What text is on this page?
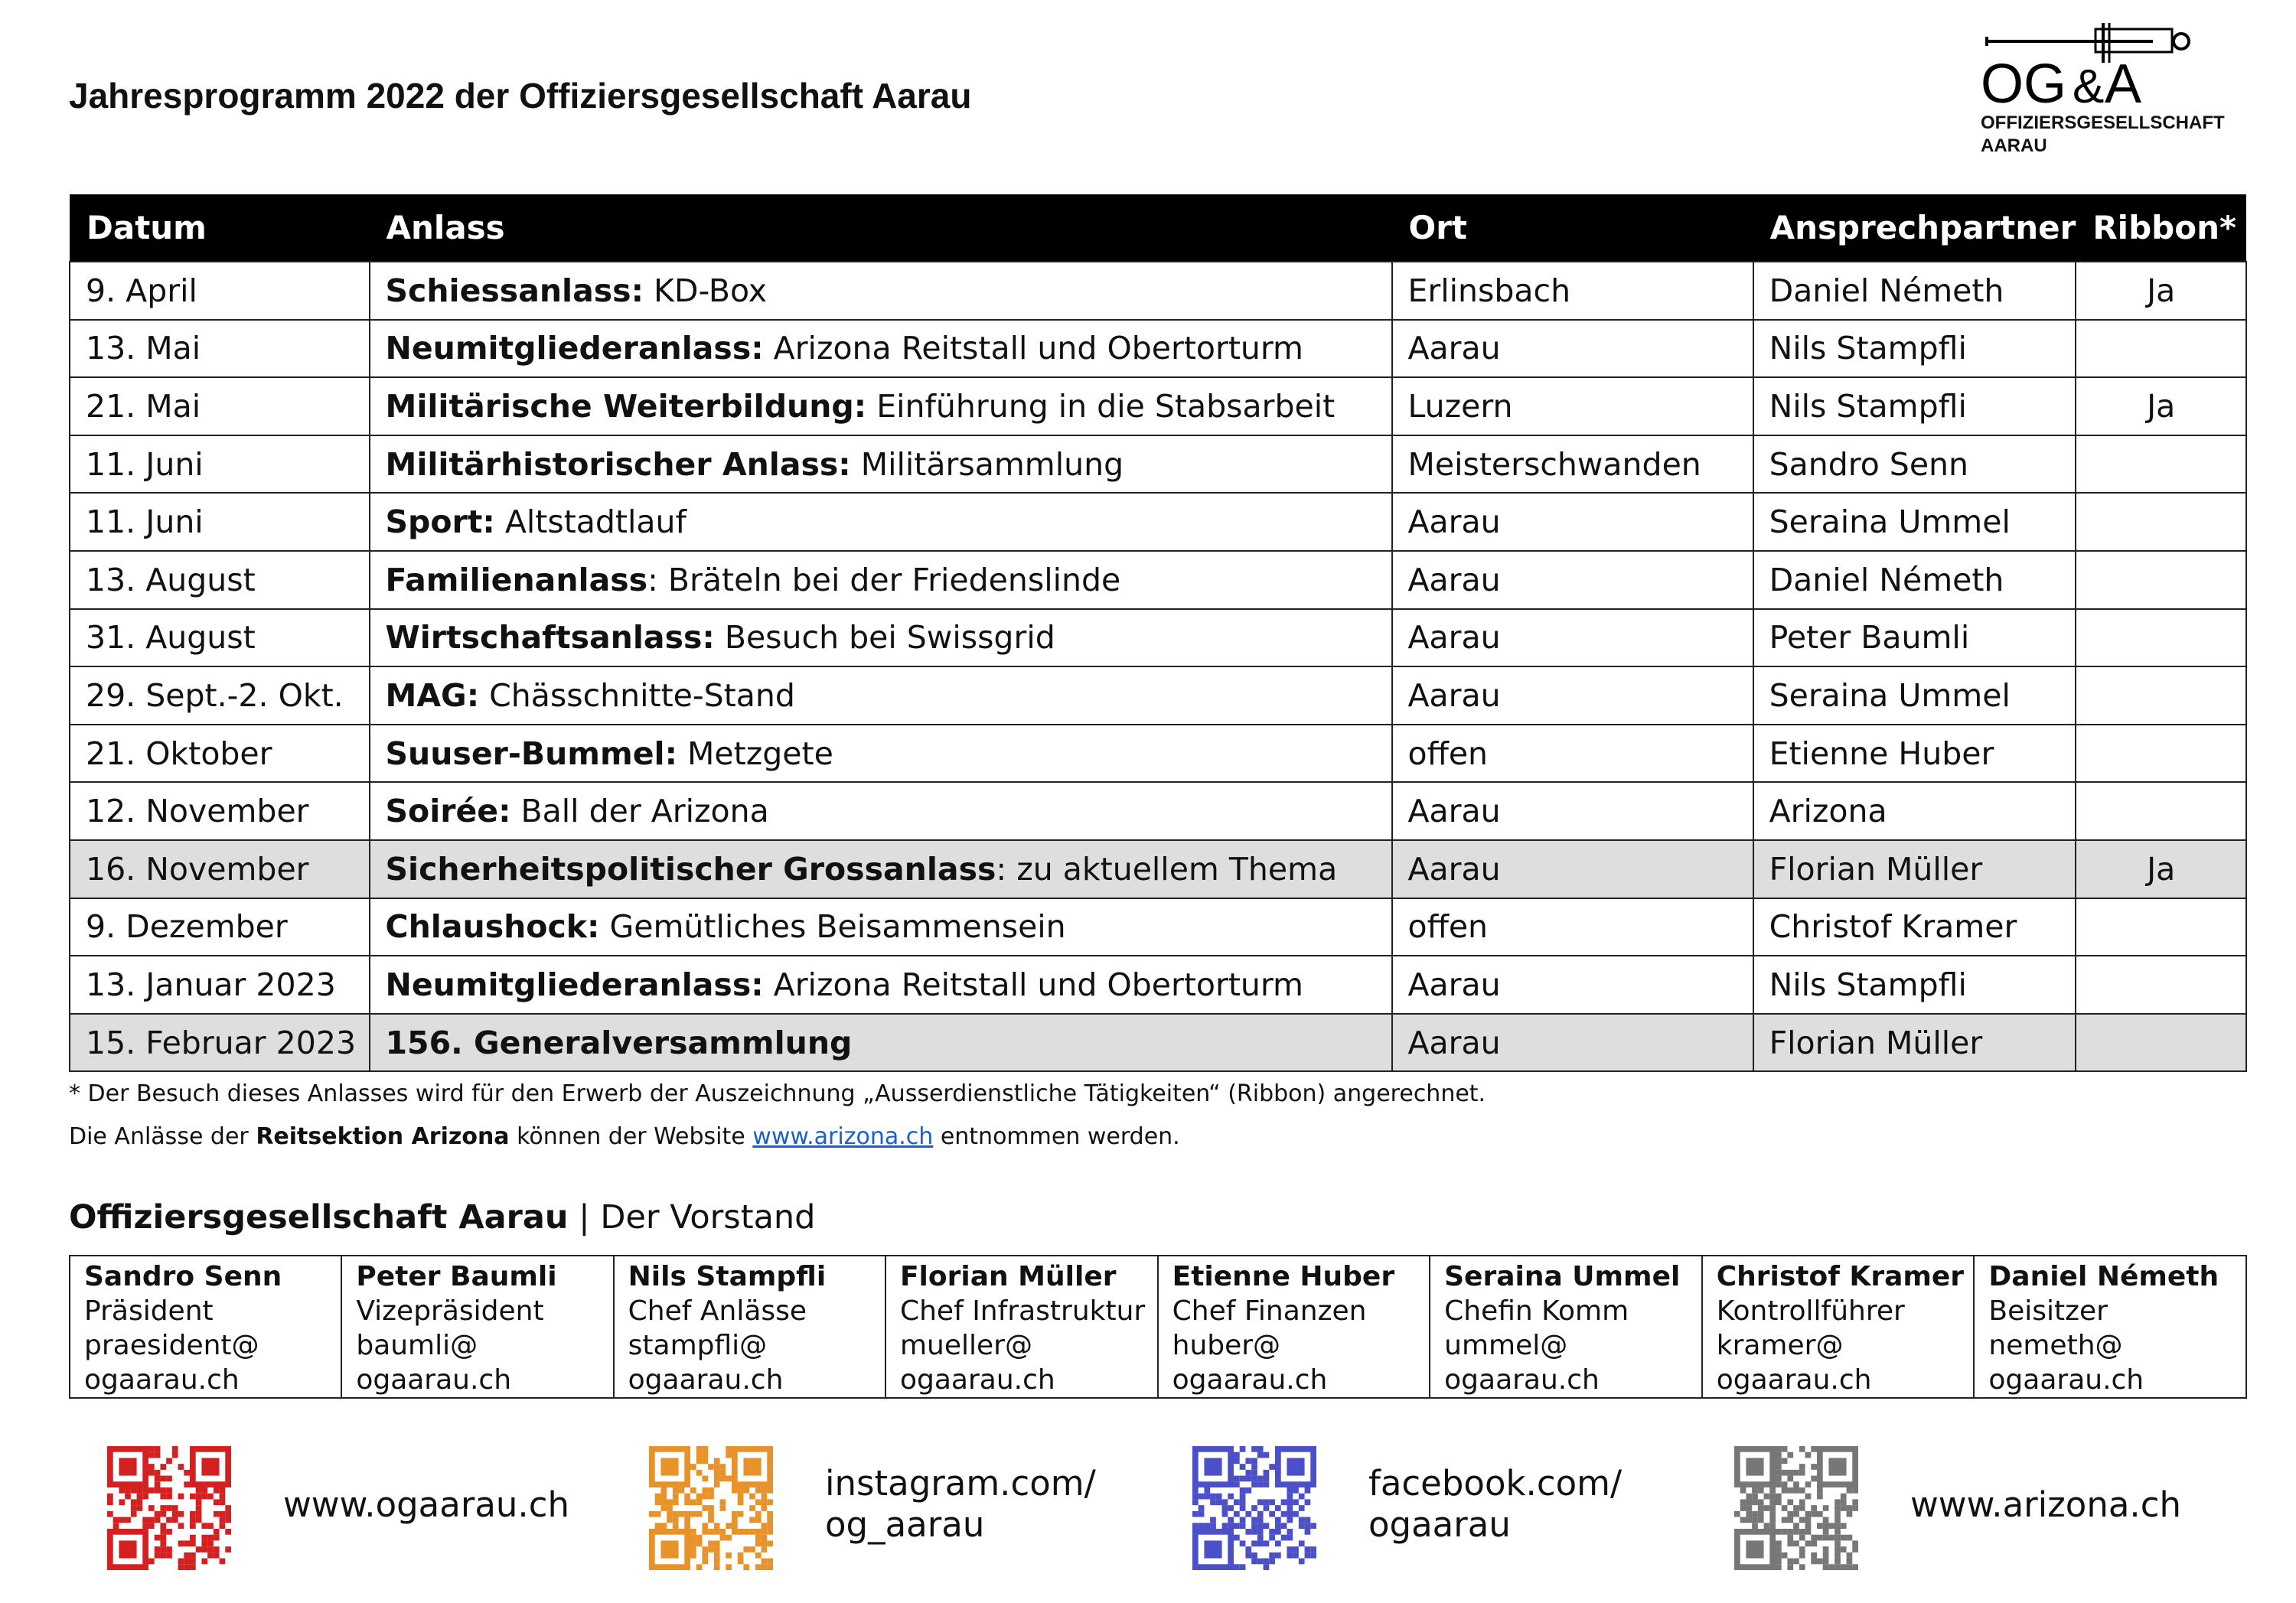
Jahresprogramm 2022 der Offiziersgesellschaft Aarau	OG & A
OFFIZIERSGESELLSCHAFT
AARAU
Datum	Anlass	Ort	Ansprechpartner	Ribbon*
9. April	Schiessanlass: KD-Box	Erlinsbach	Daniel Németh	Ja
13. Mai	Neumitgliederanlass: Arizona Reitstall und Obertorturm	Aarau	Nils Stampfli	
21. Mai	Militärische Weiterbildung: Einführung in die Stabsarbeit	Luzern	Nils Stampfli	Ja
11. Juni	Militärhistorischer Anlass: Militärsammlung	Meisterschwanden	Sandro Senn	
11. Juni	Sport: Altstadtlauf	Aarau	Seraina Ummel	
13. August	Familienanlass: Bräteln bei der Friedenslinde	Aarau	Daniel Németh	
31. August	Wirtschaftsanlass: Besuch bei Swissgrid	Aarau	Peter Baumli	
29. Sept.-2. Okt.	MAG: Chässchnitte-Stand	Aarau	Seraina Ummel	
21. Oktober	Suuser-Bummel: Metzgete	offen	Etienne Huber	
12. November	Soirée: Ball der Arizona	Aarau	Arizona	
16. November	Sicherheitspolitischer Grossanlass: zu aktuellem Thema	Aarau	Florian Müller	Ja
9. Dezember	Chlaushock: Gemütliches Beisammensein	offen	Christof Kramer	
13. Januar 2023	Neumitgliederanlass: Arizona Reitstall und Obertorturm	Aarau	Nils Stampfli	
15. Februar 2023	156. Generalversammlung	Aarau	Florian Müller	
* Der Besuch dieses Anlasses wird für den Erwerb der Auszeichnung „Ausserdienstliche Tätigkeiten“ (Ribbon) angerechnet.
Die Anlässe der Reitsektion Arizona können der Website www.arizona.ch entnommen werden.
Offiziersgesellschaft Aarau | Der Vorstand
Sandro Senn
Präsident
praesident@
ogaarau.ch

Peter Baumli
Vizepräsident
baumli@
ogaarau.ch

Nils Stampfli
Chef Anlässe
stampfli@
ogaarau.ch

Florian Müller
Chef Infrastruktur
mueller@
ogaarau.ch

Etienne Huber
Chef Finanzen
huber@
ogaarau.ch

Seraina Ummel
Chefin Komm
ummel@
ogaarau.ch

Christof Kramer
Kontrollführer
kramer@
ogaarau.ch

Daniel Németh
Beisitzer
nemeth@
ogaarau.ch
www.ogaarau.ch
instagram.com/
og_aarau
facebook.com/
ogaarau	www.arizona.ch
